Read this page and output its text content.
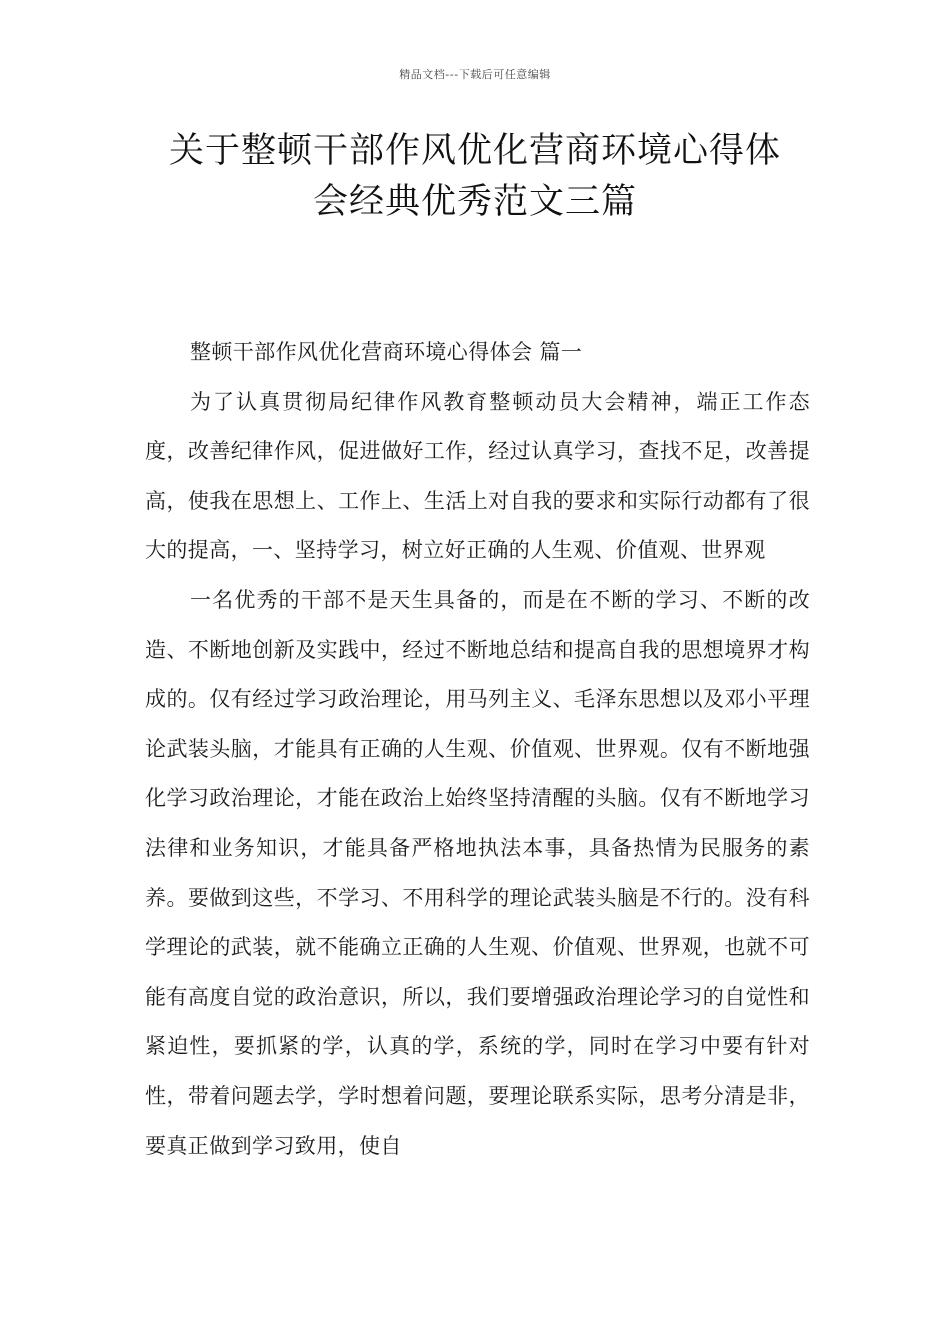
精品文档---下载后可任意编辑
关于整顿干部作风优化营商环境心得体
会经典优秀范文三篇

整顿干部作风优化营商环境心得体会 篇一

为了认真贯彻局纪律作风教育整顿动员大会精神，端正工作态度，改善纪律作风，促进做好工作，经过认真学习，查找不足，改善提高，使我在思想上、工作上、生活上对自我的要求和实际行动都有了很大的提高，一、坚持学习，树立好正确的人生观、价值观、世界观

一名优秀的干部不是天生具备的，而是在不断的学习、不断的改造、不断地创新及实践中，经过不断地总结和提高自我的思想境界才构成的。仅有经过学习政治理论，用马列主义、毛泽东思想以及邓小平理论武装头脑，才能具有正确的人生观、价值观、世界观。仅有不断地强化学习政治理论，才能在政治上始终坚持清醒的头脑。仅有不断地学习法律和业务知识，才能具备严格地执法本事，具备热情为民服务的素养。要做到这些，不学习、不用科学的理论武装头脑是不行的。没有科学理论的武装，就不能确立正确的人生观、价值观、世界观，也就不可能有高度自觉的政治意识，所以，我们要增强政治理论学习的自觉性和紧迫性，要抓紧的学，认真的学，系统的学，同时在学习中要有针对性，带着问题去学，学时想着问题，要理论联系实际，思考分清是非，要真正做到学习致用，使自
